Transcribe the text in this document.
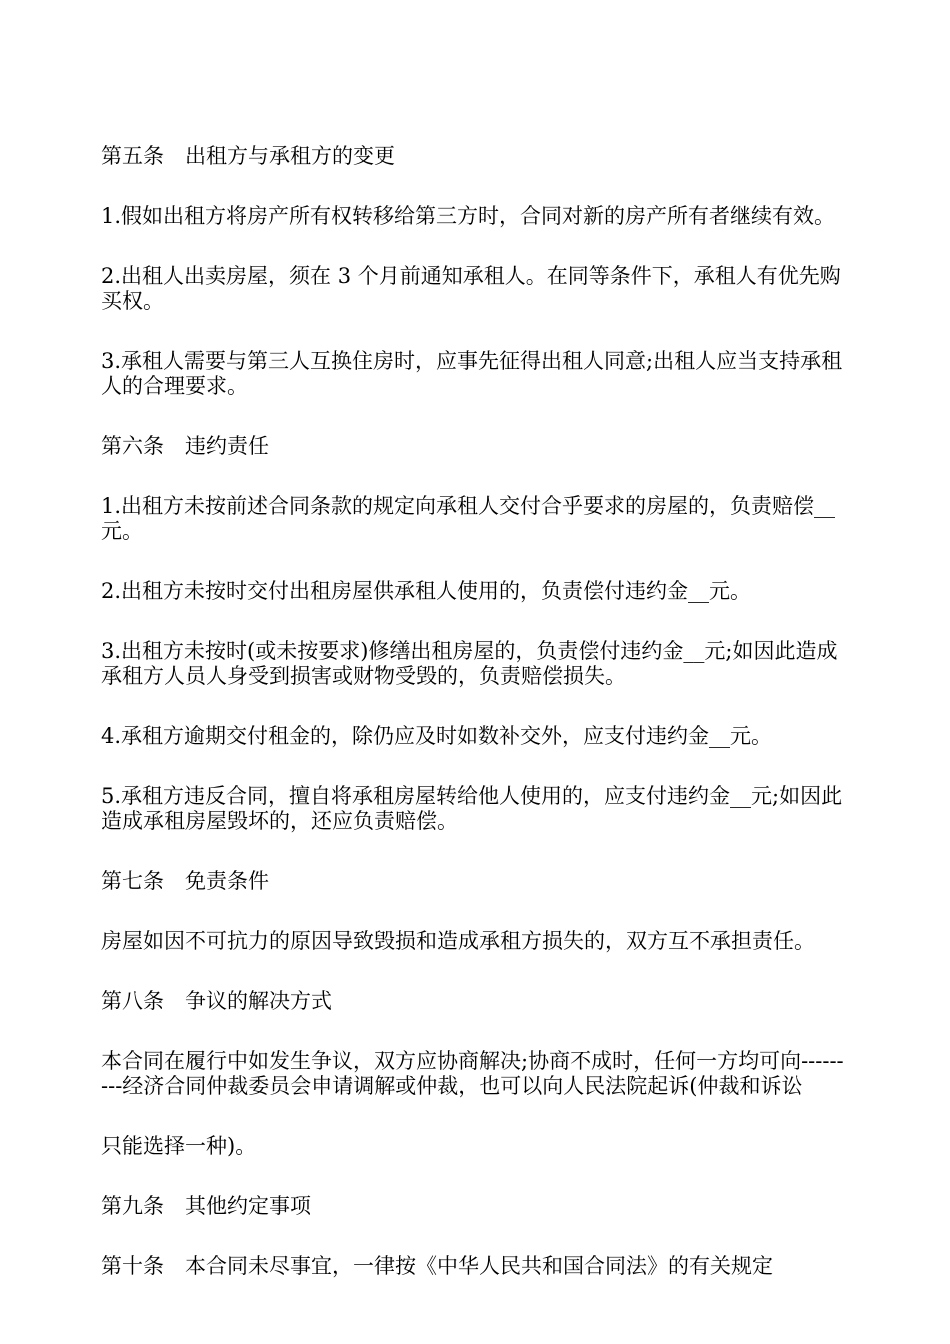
第五条　出租方与承租方的变更

1.假如出租方将房产所有权转移给第三方时，合同对新的房产所有者继续有效。

2.出租人出卖房屋，须在 3 个月前通知承租人。在同等条件下，承租人有优先购买权。

3.承租人需要与第三人互换住房时，应事先征得出租人同意;出租人应当支持承租人的合理要求。

第六条　违约责任

1.出租方未按前述合同条款的规定向承租人交付合乎要求的房屋的，负责赔偿__元。

2.出租方未按时交付出租房屋供承租人使用的，负责偿付违约金__元。

3.出租方未按时(或未按要求)修缮出租房屋的，负责偿付违约金__元;如因此造成承租方人员人身受到损害或财物受毁的，负责赔偿损失。

4.承租方逾期交付租金的，除仍应及时如数补交外，应支付违约金__元。

5.承租方违反合同，擅自将承租房屋转给他人使用的，应支付违约金__元;如因此造成承租房屋毁坏的，还应负责赔偿。

第七条　免责条件

房屋如因不可抗力的原因导致毁损和造成承租方损失的，双方互不承担责任。

第八条　争议的解决方式

本合同在履行中如发生争议，双方应协商解决;协商不成时，任何一方均可向---------经济合同仲裁委员会申请调解或仲裁，也可以向人民法院起诉(仲裁和诉讼

只能选择一种)。

第九条　其他约定事项

第十条　本合同未尽事宜，一律按《中华人民共和国合同法》的有关规定
